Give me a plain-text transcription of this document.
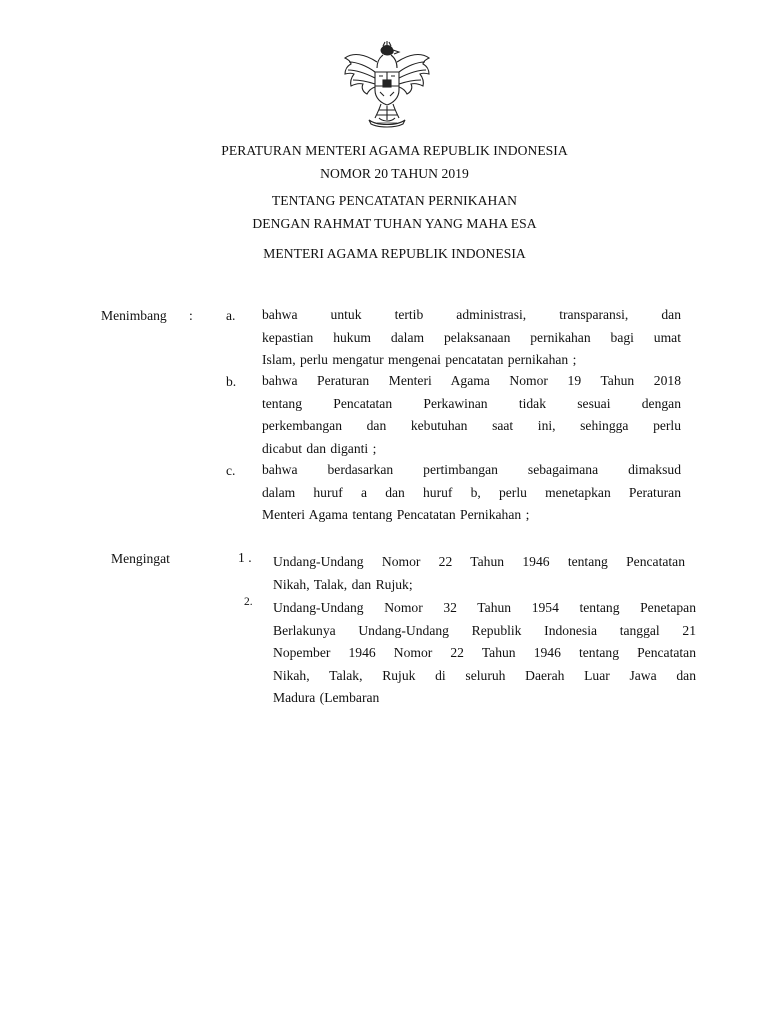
PERATURAN MENTERI AGAMA REPUBLIK INDONESIA
NOMOR 20 TAHUN 2019
TENTANG PENCATATAN PERNIKAHAN
DENGAN RAHMAT TUHAN YANG MAHA ESA
MENTERI AGAMA REPUBLIK INDONESIA
Menimbang : a. bahwa untuk tertib administrasi, transparansi, dan
kepastian hukum dalam pelaksanaan pernikahan bagi umat
Islam, perlu mengatur mengenai pencatatan pernikahan ;
b. bahwa Peraturan Menteri Agama Nomor 19 Tahun 2018
tentang Pencatatan Perkawinan tidak sesuai dengan
perkembangan dan kebutuhan saat ini, sehingga perlu
dicabut dan diganti ;
c. bahwa berdasarkan pertimbangan sebagaimana dimaksud
dalam huruf a dan huruf b, perlu menetapkan Peraturan
Menteri Agama tentang Pencatatan Pernikahan ;
Mengingat	1 . Undang-Undang Nomor 22 Tahun 1946 tentang Pencatatan
Nikah, Talak, dan Rujuk;
2. Undang-Undang Nomor 32 Tahun 1954 tentang Penetapan
Berlakunya Undang-Undang Republik Indonesia tanggal 21
Nopember 1946 Nomor 22 Tahun 1946 tentang Pencatatan
Nikah, Talak, Rujuk di seluruh Daerah Luar Jawa dan
Madura (Lembaran
